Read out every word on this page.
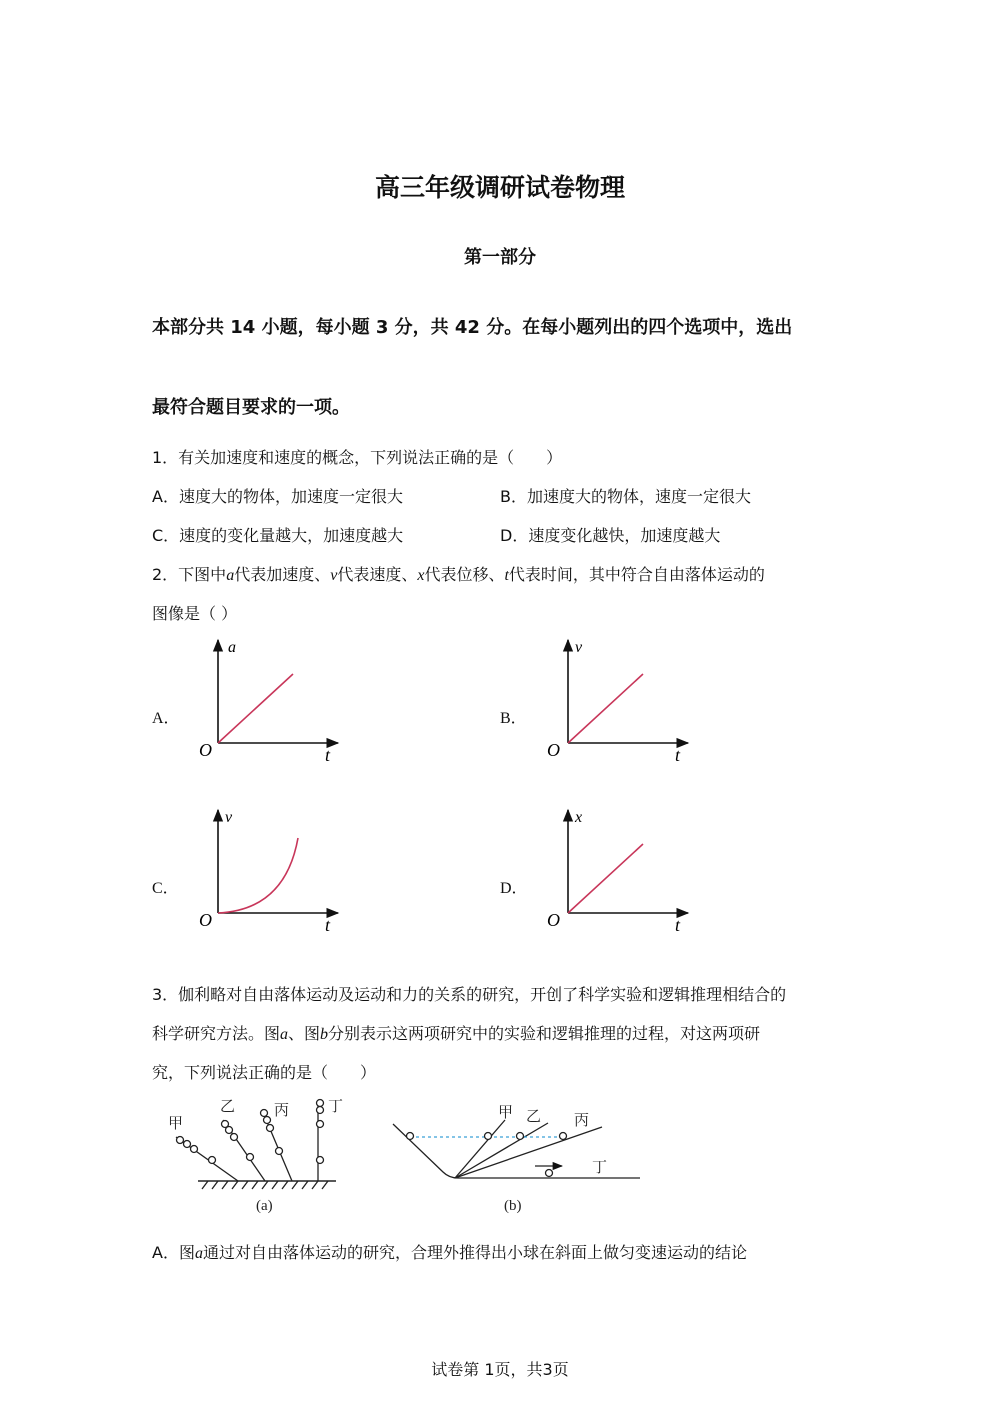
高三年级调研试卷物理
第一部分
本部分共 14 小题，每小题 3 分，共 42 分。在每小题列出的四个选项中，选出
最符合题目要求的一项。
1．有关加速度和速度的概念，下列说法正确的是（　　）
A．速度大的物体，加速度一定很大	B．加速度大的物体，速度一定很大
C．速度的变化量越大，加速度越大	D．速度变化越快，加速度越大
2．下图中a代表加速度、v代表速度、x代表位移、t代表时间，其中符合自由落体运动的
图像是（ ）
A．	B．
C．	D．
a
t
O
v
t
O
v
t
O
x
t
O
甲
乙	丙	丁
(a)
甲 乙 丙
丁
(b)
3．伽利略对自由落体运动及运动和力的关系的研究，开创了科学实验和逻辑推理相结合的
科学研究方法。图a、图b分别表示这两项研究中的实验和逻辑推理的过程，对这两项研
究，下列说法正确的是（　　）
A．图a通过对自由落体运动的研究，合理外推得出小球在斜面上做匀变速运动的结论
试卷第 1页，共3页
